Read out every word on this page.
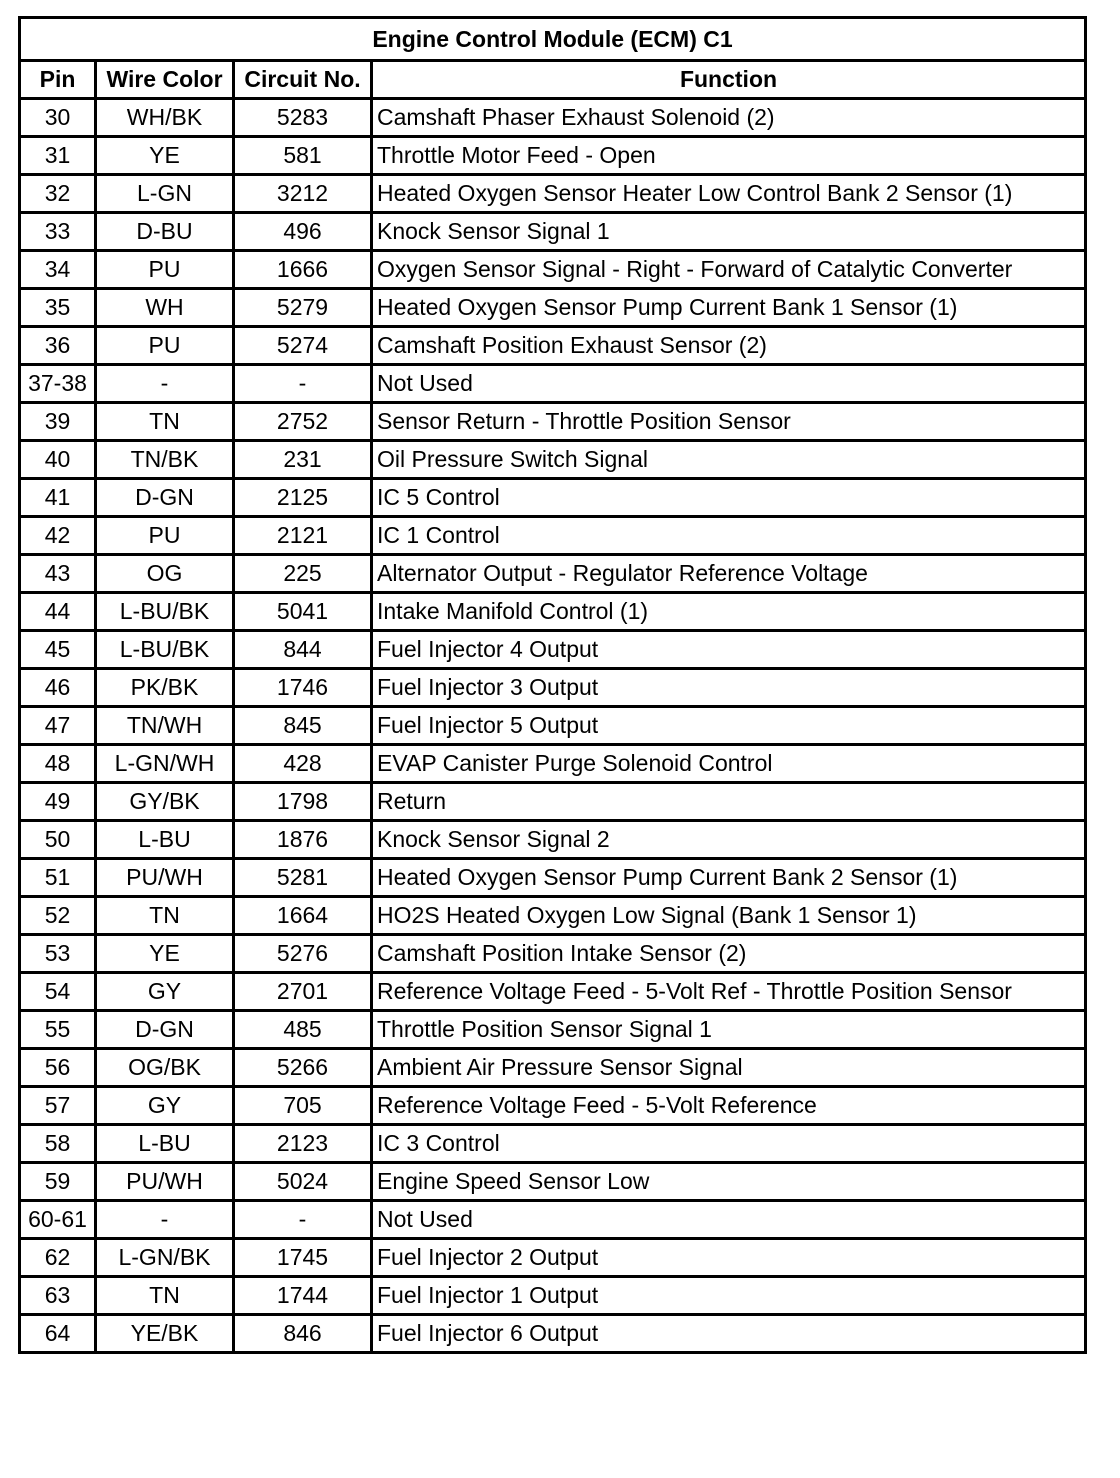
Engine Control Module (ECM) C1			
Pin	Wire Color	Circuit No.	Function
30	WH/BK	5283	Camshaft Phaser Exhaust Solenoid (2)
31	YE	581	Throttle Motor Feed - Open
32	L-GN	3212	Heated Oxygen Sensor Heater Low Control Bank 2 Sensor (1)
33	D-BU	496	Knock Sensor Signal 1
34	PU	1666	Oxygen Sensor Signal - Right - Forward of Catalytic Converter
35	WH	5279	Heated Oxygen Sensor Pump Current Bank 1 Sensor (1)
36	PU	5274	Camshaft Position Exhaust Sensor (2)
37-38	-	-	Not Used
39	TN	2752	Sensor Return - Throttle Position Sensor
40	TN/BK	231	Oil Pressure Switch Signal
41	D-GN	2125	IC 5 Control
42	PU	2121	IC 1 Control
43	OG	225	Alternator Output - Regulator Reference Voltage
44	L-BU/BK	5041	Intake Manifold Control (1)
45	L-BU/BK	844	Fuel Injector 4 Output
46	PK/BK	1746	Fuel Injector 3 Output
47	TN/WH	845	Fuel Injector 5 Output
48	L-GN/WH	428	EVAP Canister Purge Solenoid Control
49	GY/BK	1798	Return
50	L-BU	1876	Knock Sensor Signal 2
51	PU/WH	5281	Heated Oxygen Sensor Pump Current Bank 2 Sensor (1)
52	TN	1664	HO2S Heated Oxygen Low Signal (Bank 1 Sensor 1)
53	YE	5276	Camshaft Position Intake Sensor (2)
54	GY	2701	Reference Voltage Feed - 5-Volt Ref - Throttle Position Sensor
55	D-GN	485	Throttle Position Sensor Signal 1
56	OG/BK	5266	Ambient Air Pressure Sensor Signal
57	GY	705	Reference Voltage Feed - 5-Volt Reference
58	L-BU	2123	IC 3 Control
59	PU/WH	5024	Engine Speed Sensor Low
60-61	-	-	Not Used
62	L-GN/BK	1745	Fuel Injector 2 Output
63	TN	1744	Fuel Injector 1 Output
64	YE/BK	846	Fuel Injector 6 Output
